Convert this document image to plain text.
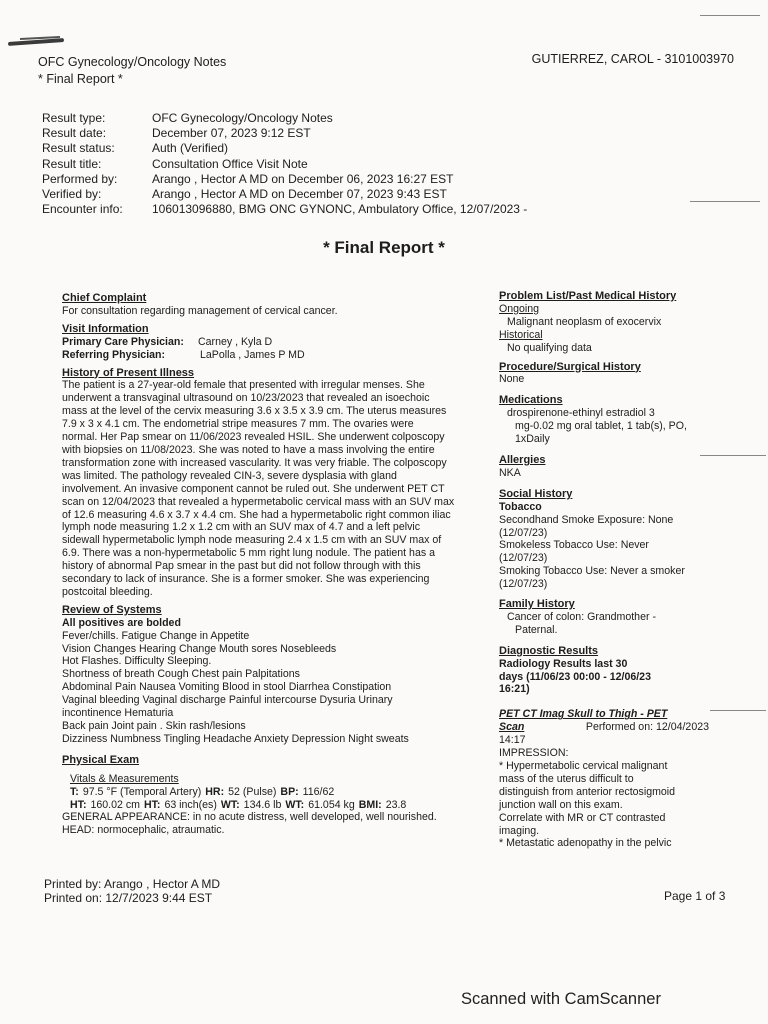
OFC Gynecology/Oncology Notes
* Final Report *
GUTIERREZ, CAROL - 3101003970
Result type:	OFC Gynecology/Oncology Notes
Result date:	December 07, 2023 9:12 EST
Result status:	Auth (Verified)
Result title:	Consultation Office Visit Note
Performed by:	Arango , Hector A MD on December 06, 2023 16:27 EST
Verified by:	Arango , Hector A MD on December 07, 2023 9:43 EST
Encounter info:	106013096880, BMG ONC GYNONC, Ambulatory Office, 12/07/2023 -
* Final Report *
Chief Complaint
For consultation regarding management of cervical cancer.
Visit Information
Primary Care Physician:	Carney , Kyla D
Referring Physician:	LaPolla , James P MD
History of Present Illness
The patient is a 27-year-old female that presented with irregular menses. She
underwent a transvaginal ultrasound on 10/23/2023 that revealed an isoechoic
mass at the level of the cervix measuring 3.6 x 3.5 x 3.9 cm. The uterus measures
7.9 x 3 x 4.1 cm. The endometrial stripe measures 7 mm. The ovaries were
normal. Her Pap smear on 11/06/2023 revealed HSIL. She underwent colposcopy
with biopsies on 11/08/2023. She was noted to have a mass involving the entire
transformation zone with increased vascularity. It was very friable. The colposcopy
was limited. The pathology revealed CIN-3, severe dysplasia with gland
involvement. An invasive component cannot be ruled out. She underwent PET CT
scan on 12/04/2023 that revealed a hypermetabolic cervical mass with an SUV max
of 12.6 measuring 4.6 x 3.7 x 4.4 cm. She had a hypermetabolic right common iliac
lymph node measuring 1.2 x 1.2 cm with an SUV max of 4.7 and a left pelvic
sidewall hypermetabolic lymph node measuring 2.4 x 1.5 cm with an SUV max of
6.9. There was a non-hypermetabolic 5 mm right lung nodule. The patient has a
history of abnormal Pap smear in the past but did not follow through with this
secondary to lack of insurance. She is a former smoker. She was experiencing
postcoital bleeding.
Review of Systems
All positives are bolded
Fever/chills. Fatigue Change in Appetite
Vision Changes Hearing Change Mouth sores Nosebleeds
Hot Flashes. Difficulty Sleeping.
Shortness of breath Cough Chest pain Palpitations
Abdominal Pain Nausea Vomiting Blood in stool Diarrhea Constipation
Vaginal bleeding Vaginal discharge Painful intercourse Dysuria Urinary
incontinence Hematuria
Back pain Joint pain . Skin rash/lesions
Dizziness Numbness Tingling Headache Anxiety Depression Night sweats
Physical Exam
Vitals & Measurements
T: 97.5 °F (Temporal Artery) HR: 52 (Pulse) BP: 116/62
HT: 160.02 cm HT: 63 inch(es) WT: 134.6 lb WT: 61.054 kg BMI: 23.8
GENERAL APPEARANCE: in no acute distress, well developed, well nourished.
HEAD: normocephalic, atraumatic.
Problem List/Past Medical History
Ongoing
Malignant neoplasm of exocervix
Historical
No qualifying data
Procedure/Surgical History
None
Medications
drospirenone-ethinyl estradiol 3
mg-0.02 mg oral tablet, 1 tab(s), PO,
1xDaily
Allergies
NKA
Social History
Tobacco
Secondhand Smoke Exposure: None
(12/07/23)
Smokeless Tobacco Use: Never
(12/07/23)
Smoking Tobacco Use: Never a smoker
(12/07/23)
Family History
Cancer of colon: Grandmother -
Paternal.
Diagnostic Results
Radiology Results last 30
days (11/06/23 00:00 - 12/06/23
16:21)
PET CT Imag Skull to Thigh - PET
Scan	Performed on: 12/04/2023
14:17
IMPRESSION:
* Hypermetabolic cervical malignant
mass of the uterus difficult to
distinguish from anterior rectosigmoid
junction wall on this exam.
Correlate with MR or CT contrasted
imaging.
* Metastatic adenopathy in the pelvic
Printed by: Arango , Hector A MD
Printed on: 12/7/2023 9:44 EST	Page 1 of 3
Scanned with CamScanner
